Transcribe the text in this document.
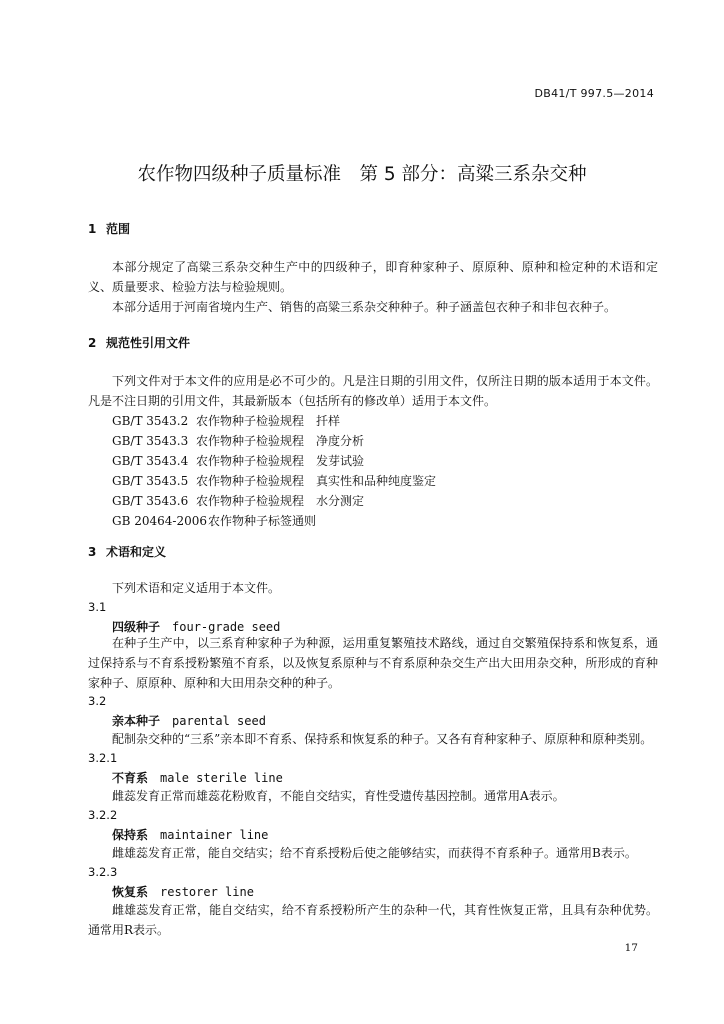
DB41/T 997.5—2014
农作物四级种子质量标准　第 5 部分：高粱三系杂交种
1 范围

本部分规定了高粱三系杂交种生产中的四级种子，即育种家种子、原原种、原种和检定种的术语和定义、质量要求、检验方法与检验规则。

本部分适用于河南省境内生产、销售的高粱三系杂交种种子。种子涵盖包衣种子和非包衣种子。

2 规范性引用文件

下列文件对于本文件的应用是必不可少的。凡是注日期的引用文件，仅所注日期的版本适用于本文件。凡是不注日期的引用文件，其最新版本（包括所有的修改单）适用于本文件。

GB/T 3543.2 农作物种子检验规程　扦样
GB/T 3543.3 农作物种子检验规程　净度分析
GB/T 3543.4 农作物种子检验规程　发芽试验
GB/T 3543.5 农作物种子检验规程　真实性和品种纯度鉴定
GB/T 3543.6 农作物种子检验规程　水分测定
GB 20464-2006农作物种子标签通则
3 术语和定义

下列术语和定义适用于本文件。

3.1
四级种子 four-grade seed

在种子生产中，以三系育种家种子为种源，运用重复繁殖技术路线，通过自交繁殖保持系和恢复系，通过保持系与不育系授粉繁殖不育系，以及恢复系原种与不育系原种杂交生产出大田用杂交种，所形成的育种家种子、原原种、原种和大田用杂交种的种子。

3.2
亲本种子 parental seed

配制杂交种的“三系”亲本即不育系、保持系和恢复系的种子。又各有育种家种子、原原种和原种类别。

3.2.1
不育系 male sterile line

雌蕊发育正常而雄蕊花粉败育，不能自交结实，育性受遗传基因控制。通常用A表示。

3.2.2
保持系 maintainer line

雌雄蕊发育正常，能自交结实；给不育系授粉后使之能够结实，而获得不育系种子。通常用B表示。

3.2.3
恢复系 restorer line

雌雄蕊发育正常，能自交结实，给不育系授粉所产生的杂种一代，其育性恢复正常，且具有杂种优势。通常用R表示。

17
